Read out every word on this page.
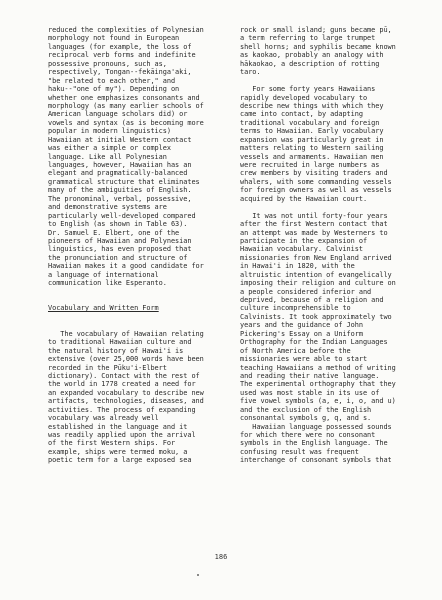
reduced the complexities of Polynesian
morphology not found in European
languages (for example, the loss of
reciprocal verb forms and indefinite
possessive pronouns, such as,
respectively, Tongan--fekāinga'aki,
"be related to each other," and
haku--"one of my"). Depending on
whether one emphasizes consonants and
morphology (as many earlier schools of
American language scholars did) or
vowels and syntax (as is becoming more
popular in modern linguistics)
Hawaiian at initial Western contact
was either a simple or complex
language. Like all Polynesian
languages, however, Hawaiian has an
elegant and pragmatically-balanced
grammatical structure that eliminates
many of the ambiguities of English.
The pronominal, verbal, possessive,
and demonstrative systems are
particularly well-developed compared
to English (as shown in Table 63).
Dr. Samuel E. Elbert, one of the
pioneers of Hawaiian and Polynesian
linguistics, has even proposed that
the pronunciation and structure of
Hawaiian makes it a good candidate for
a language of international
communication like Esperanto.
Vocabulary and Written Form
The vocabulary of Hawaiian relating
to traditional Hawaiian culture and
the natural history of Hawai'i is
extensive (over 25,000 words have been
recorded in the Pūku'i-Elbert
dictionary). Contact with the rest of
the world in 1778 created a need for
an expanded vocabulary to describe new
artifacts, technologies, diseases, and
activities. The process of expanding
vocabulary was already well
established in the language and it
was readily applied upon the arrival
of the first Western ships. For
example, ships were termed moku, a
poetic term for a large exposed sea
rock or small island; guns became pū,
a term referring to large trumpet
shell horns; and syphilis became known
as kaokao, probably an analogy with
hākaokao, a description of rotting
taro.
For some forty years Hawaiians
rapidly developed vocabulary to
describe new things with which they
came into contact, by adapting
traditional vocabulary and foreign
terms to Hawaiian. Early vocabulary
expansion was particularly great in
matters relating to Western sailing
vessels and armaments. Hawaiian men
were recruited in large numbers as
crew members by visiting traders and
whalers, with some commanding vessels
for foreign owners as well as vessels
acquired by the Hawaiian court.
It was not until forty-four years
after the first Western contact that
an attempt was made by Westerners to
participate in the expansion of
Hawaiian vocabulary. Calvinist
missionaries from New England arrived
in Hawai'i in 1820, with the
altruistic intention of evangelically
imposing their religion and culture on
a people considered inferior and
deprived, because of a religion and
culture incomprehensible to
Calvinists. It took approximately two
years and the guidance of John
Pickering's Essay on a Uniform
Orthography for the Indian Languages
of North America before the
missionaries were able to start
teaching Hawaiians a method of writing
and reading their native language.
The experimental orthography that they
used was most stable in its use of
five vowel symbols (a, e, i, o, and u)
and the exclusion of the English
consonantal symbols g, q, and s.
Hawaiian language possessed sounds
for which there were no consonant
symbols in the English language. The
confusing result was frequent
interchange of consonant symbols that
186
